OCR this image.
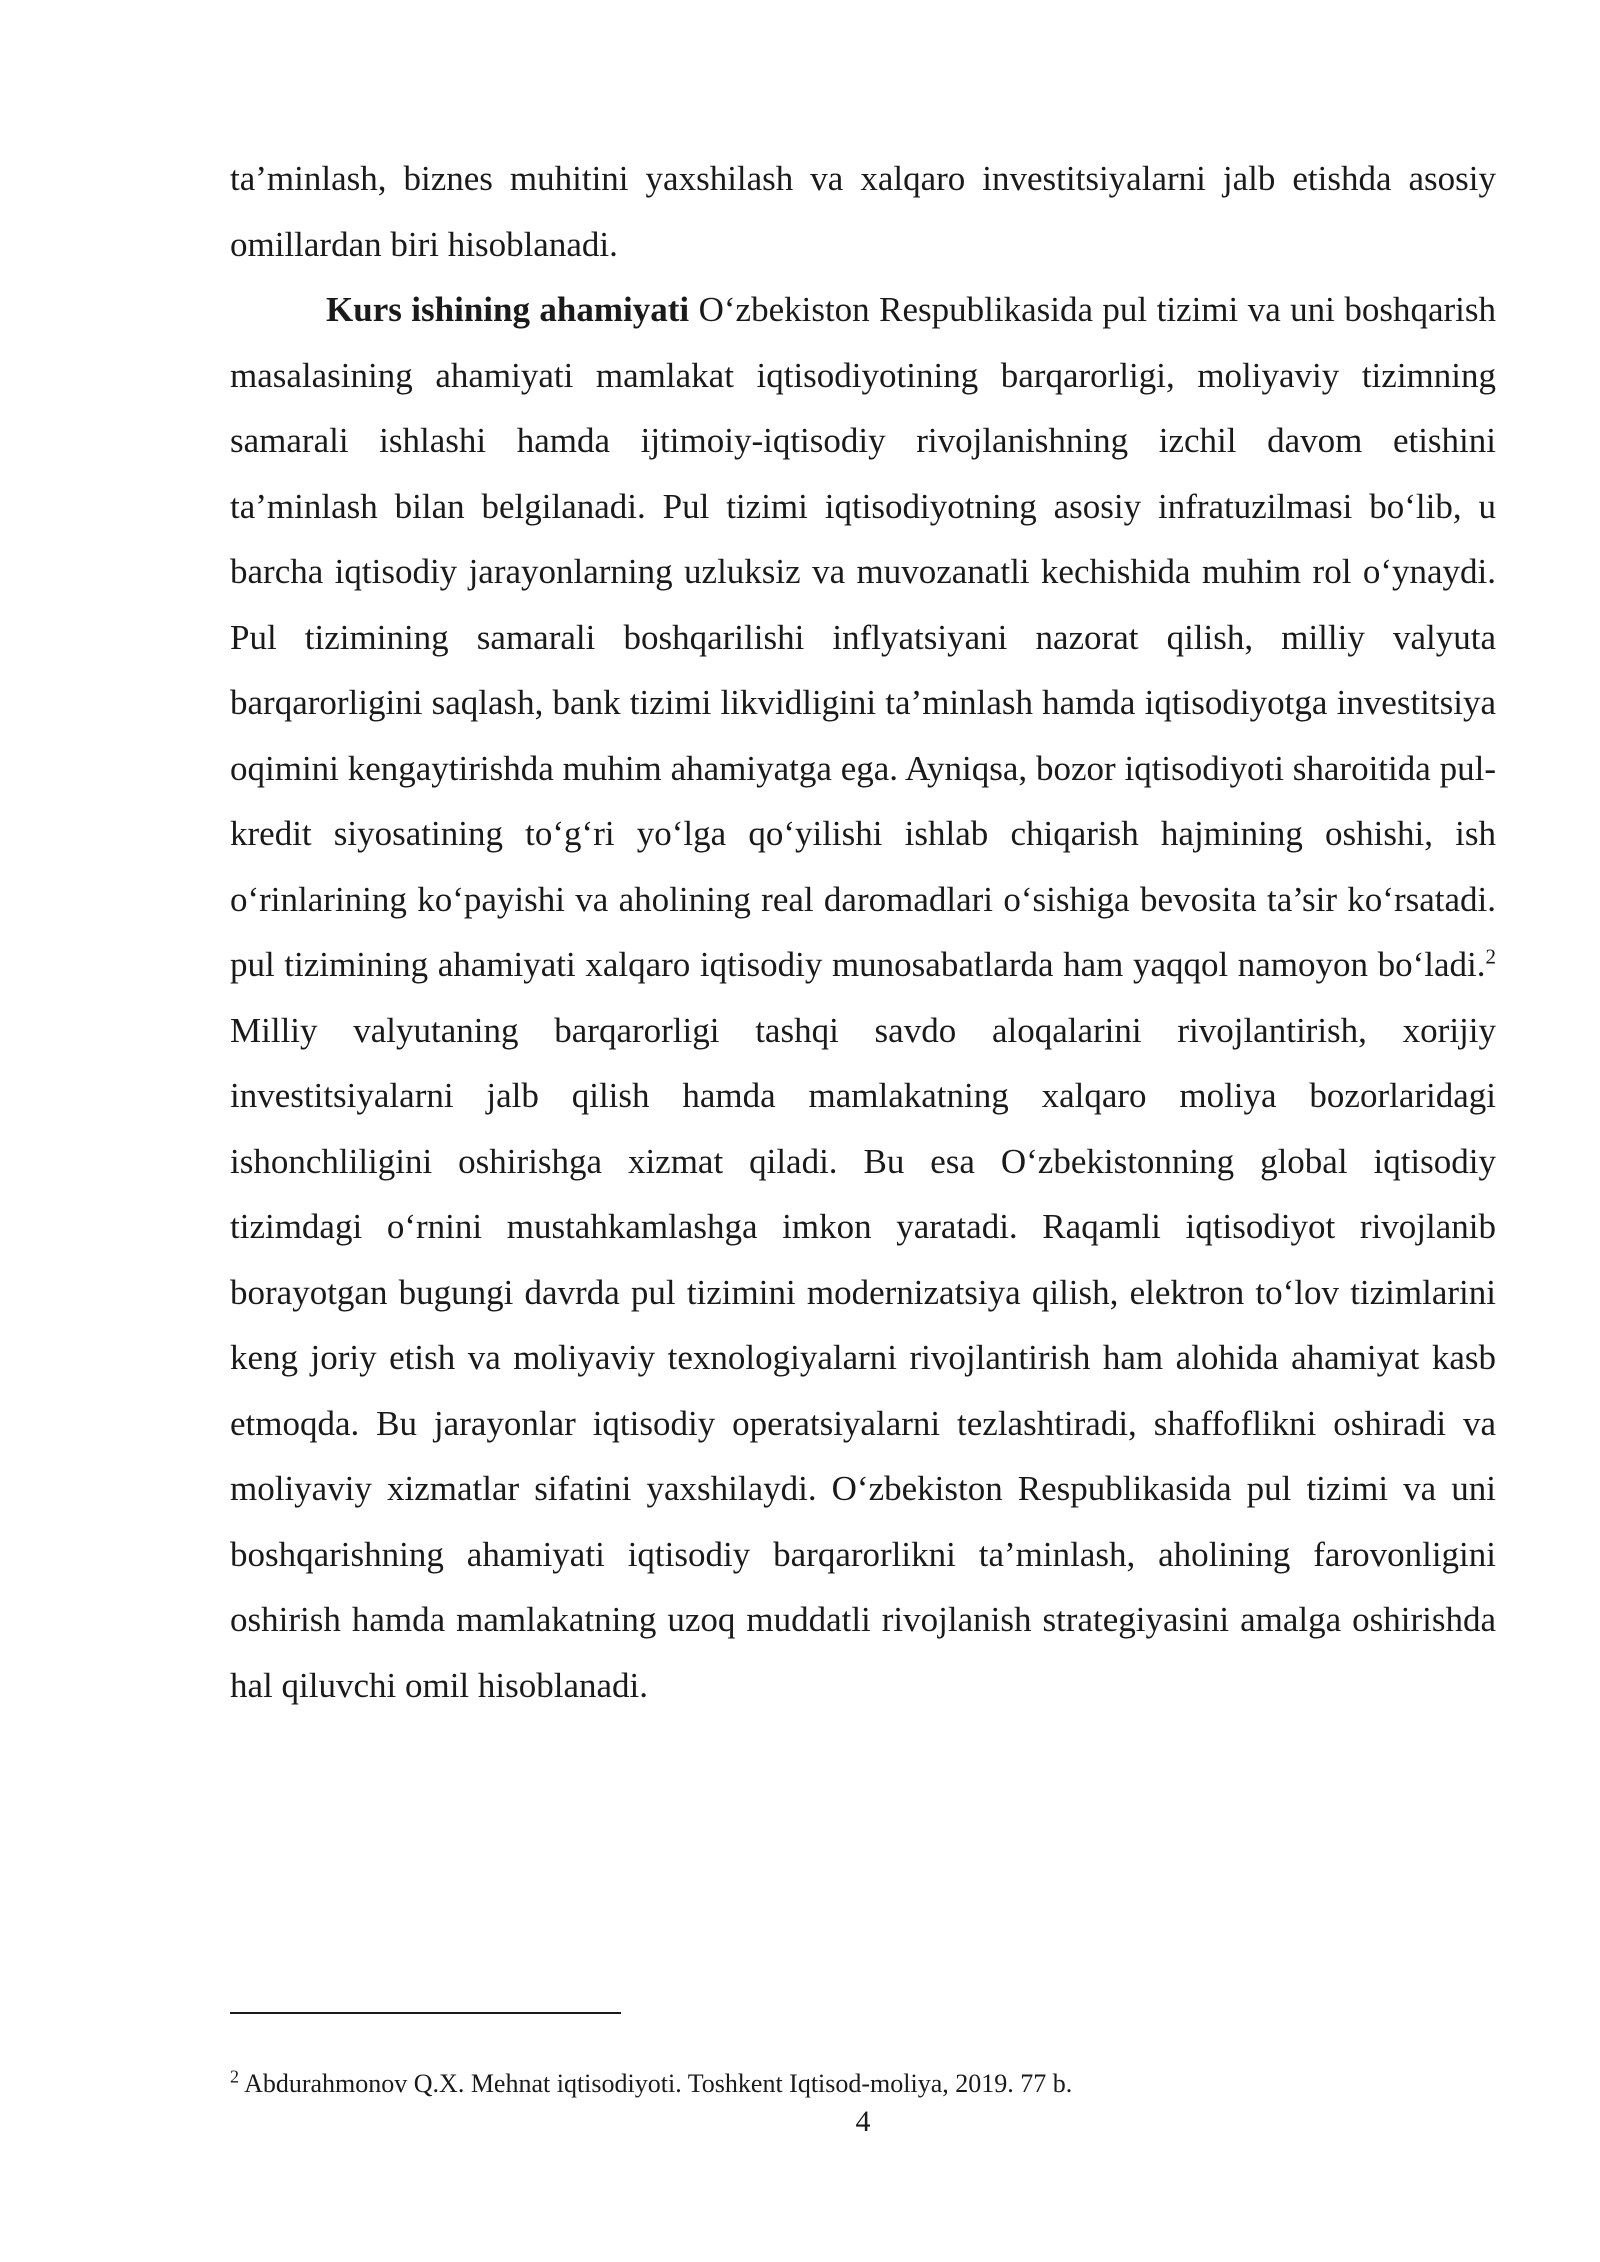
ta’minlash, biznes muhitini yaxshilash va xalqaro investitsiyalarni jalb etishda asosiy omillardan biri hisoblanadi.

Kurs ishining ahamiyati O‘zbekiston Respublikasida pul tizimi va uni boshqarish masalasining ahamiyati mamlakat iqtisodiyotining barqarorligi, moliyaviy tizimning samarali ishlashi hamda ijtimoiy-iqtisodiy rivojlanishning izchil davom etishini ta’minlash bilan belgilanadi. Pul tizimi iqtisodiyotning asosiy infratuzilmasi bo‘lib, u barcha iqtisodiy jarayonlarning uzluksiz va muvozanatli kechishida muhim rol o‘ynaydi. Pul tizimining samarali boshqarilishi inflyatsiyani nazorat qilish, milliy valyuta barqarorligini saqlash, bank tizimi likvidligini ta’minlash hamda iqtisodiyotga investitsiya oqimini kengaytirishda muhim ahamiyatga ega. Ayniqsa, bozor iqtisodiyoti sharoitida pul-kredit siyosatining to‘g‘ri yo‘lga qo‘yilishi ishlab chiqarish hajmining oshishi, ish o‘rinlarining ko‘payishi va aholining real daromadlari o‘sishiga bevosita ta’sir ko‘rsatadi. pul tizimining ahamiyati xalqaro iqtisodiy munosabatlarda ham yaqqol namoyon bo‘ladi.$^2$ Milliy valyutaning barqarorligi tashqi savdo aloqalarini rivojlantirish, xorijiy investitsiyalarni jalb qilish hamda mamlakatning xalqaro moliya bozorlaridagi ishonchliligini oshirishga xizmat qiladi. Bu esa O‘zbekistonning global iqtisodiy tizimdagi o‘rnini mustahkamlashga imkon yaratadi. Raqamli iqtisodiyot rivojlanib borayotgan bugungi davrda pul tizimini modernizatsiya qilish, elektron to‘lov tizimlarini keng joriy etish va moliyaviy texnologiyalarni rivojlantirish ham alohida ahamiyat kasb etmoqda. Bu jarayonlar iqtisodiy operatsiyalarni tezlashtiradi, shaffoflikni oshiradi va moliyaviy xizmatlar sifatini yaxshilaydi. O‘zbekiston Respublikasida pul tizimi va uni boshqarishning ahamiyati iqtisodiy barqarorlikni ta’minlash, aholining farovonligini oshirish hamda mamlakatning uzoq muddatli rivojlanish strategiyasini amalga oshirishda hal qiluvchi omil hisoblanadi.

$^2$ Abdurahmonov Q.X. Mehnat iqtisodiyoti. Toshkent Iqtisod-moliya, 2019. 77 b.
4
